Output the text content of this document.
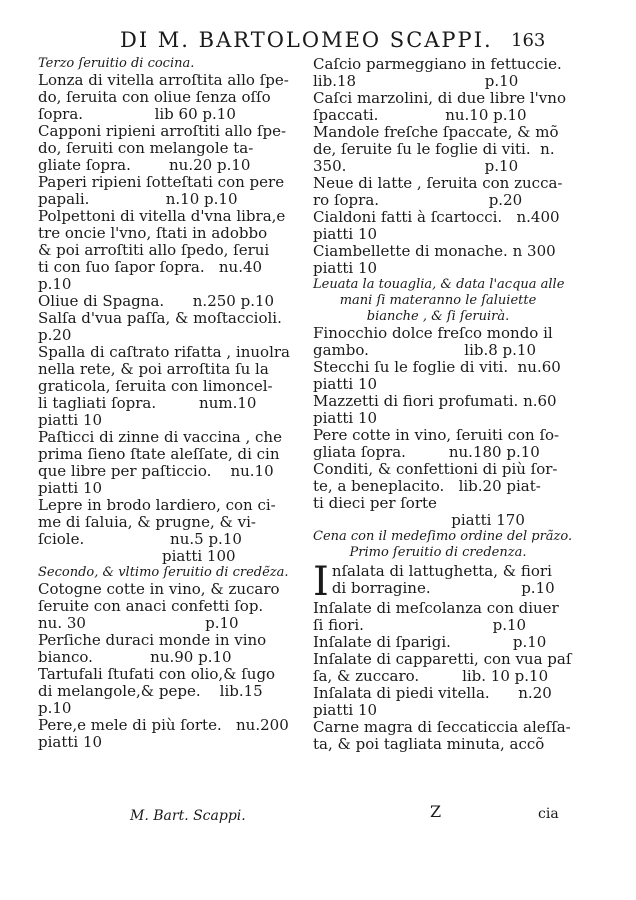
DI M. BARTOLOMEO SCAPPI.	163
Terzo ſeruitio di cocina.
Lonza di vitella arroſtita allo ſpe-
do, ſeruita con oliue ſenza oſſo
ſopra.               lib 60 p.10
Capponi ripieni arroſtiti allo ſpe-
do, ſeruiti con melangole ta-
gliate ſopra.        nu.20 p.10
Paperi ripieni ſotteſtati con pere
papali.                n.10 p.10
Polpettoni di vitella d'vna libra,e
tre oncie l'vno, ſtati in adobbo
& poi arroſtiti allo ſpedo, ſerui
ti con ſuo ſapor ſopra.   nu.40
p.10
Oliue di Spagna.      n.250 p.10
Salſa d'vua paſſa, & moſtaccioli.
p.20
Spalla di caſtrato rifatta , inuolra
nella rete, & poi arroſtita ſu la
graticola, ſeruita con limoncel-
li tagliati ſopra.         num.10
piatti 10
Paſticci di zinne di vaccina , che
prima ſieno ſtate aleſſate, di cin
que libre per paſticcio.    nu.10
piatti 10
Lepre in brodo lardiero, con ci-
me di ſaluia, & prugne, & vi-
ſciole.                  nu.5 p.10
piatti 100
Secondo, & vltimo ſeruitio di credẽza.
Cotogne cotte in vino, & zucaro
ſeruite con anaci confetti ſop.
nu. 30                         p.10
Perſiche duraci monde in vino
bianco.            nu.90 p.10
Tartufali ſtufati con olio,& ſugo
di melangole,& pepe.    lib.15
p.10
Pere,e mele di più ſorte.   nu.200
piatti 10
Caſcio parmeggiano in fettuccie.
lib.18                           p.10
Caſci marzolini, di due libre l'vno
ſpaccati.              nu.10 p.10
Mandole freſche ſpaccate, & mõ
de, ſeruite ſu le foglie di viti.  n.
350.                             p.10
Neue di latte , ſeruita con zucca-
ro ſopra.                       p.20
Cialdoni fatti à ſcartocci.   n.400
piatti 10
Ciambellette di monache. n 300
piatti 10
Leuata la touaglia, & data l'acqua alle
mani ſi materanno le ſaluiette
bianche , & ſi ſeruirà.
Finocchio dolce freſco mondo il
gambo.                    lib.8 p.10
Stecchi ſu le foglie di viti.  nu.60
piatti 10
Mazzetti di fiori profumati. n.60
piatti 10
Pere cotte in vino, ſeruiti con ſo-
gliata ſopra.         nu.180 p.10
Conditi, & confettioni di più ſor-
te, a beneplacito.   lib.20 piat-
ti dieci per ſorte
piatti 170
Cena con il medeſimo ordine del prãzo.
Primo ſeruitio di credenza.
I nſalata di lattughetta, & fiori
di borragine.                   p.10
Inſalate di meſcolanza con diuer
ſi fiori.                           p.10
Inſalate di ſparigi.             p.10
Inſalate di capparetti, con vua paſ
ſa, & zuccaro.         lib. 10 p.10
Inſalata di piedi vitella.      n.20
piatti 10
Carne magra di ſeccaticcia aleſſa-
ta, & poi tagliata minuta, accõ
M. Bart. Scappi.	Z	cia
